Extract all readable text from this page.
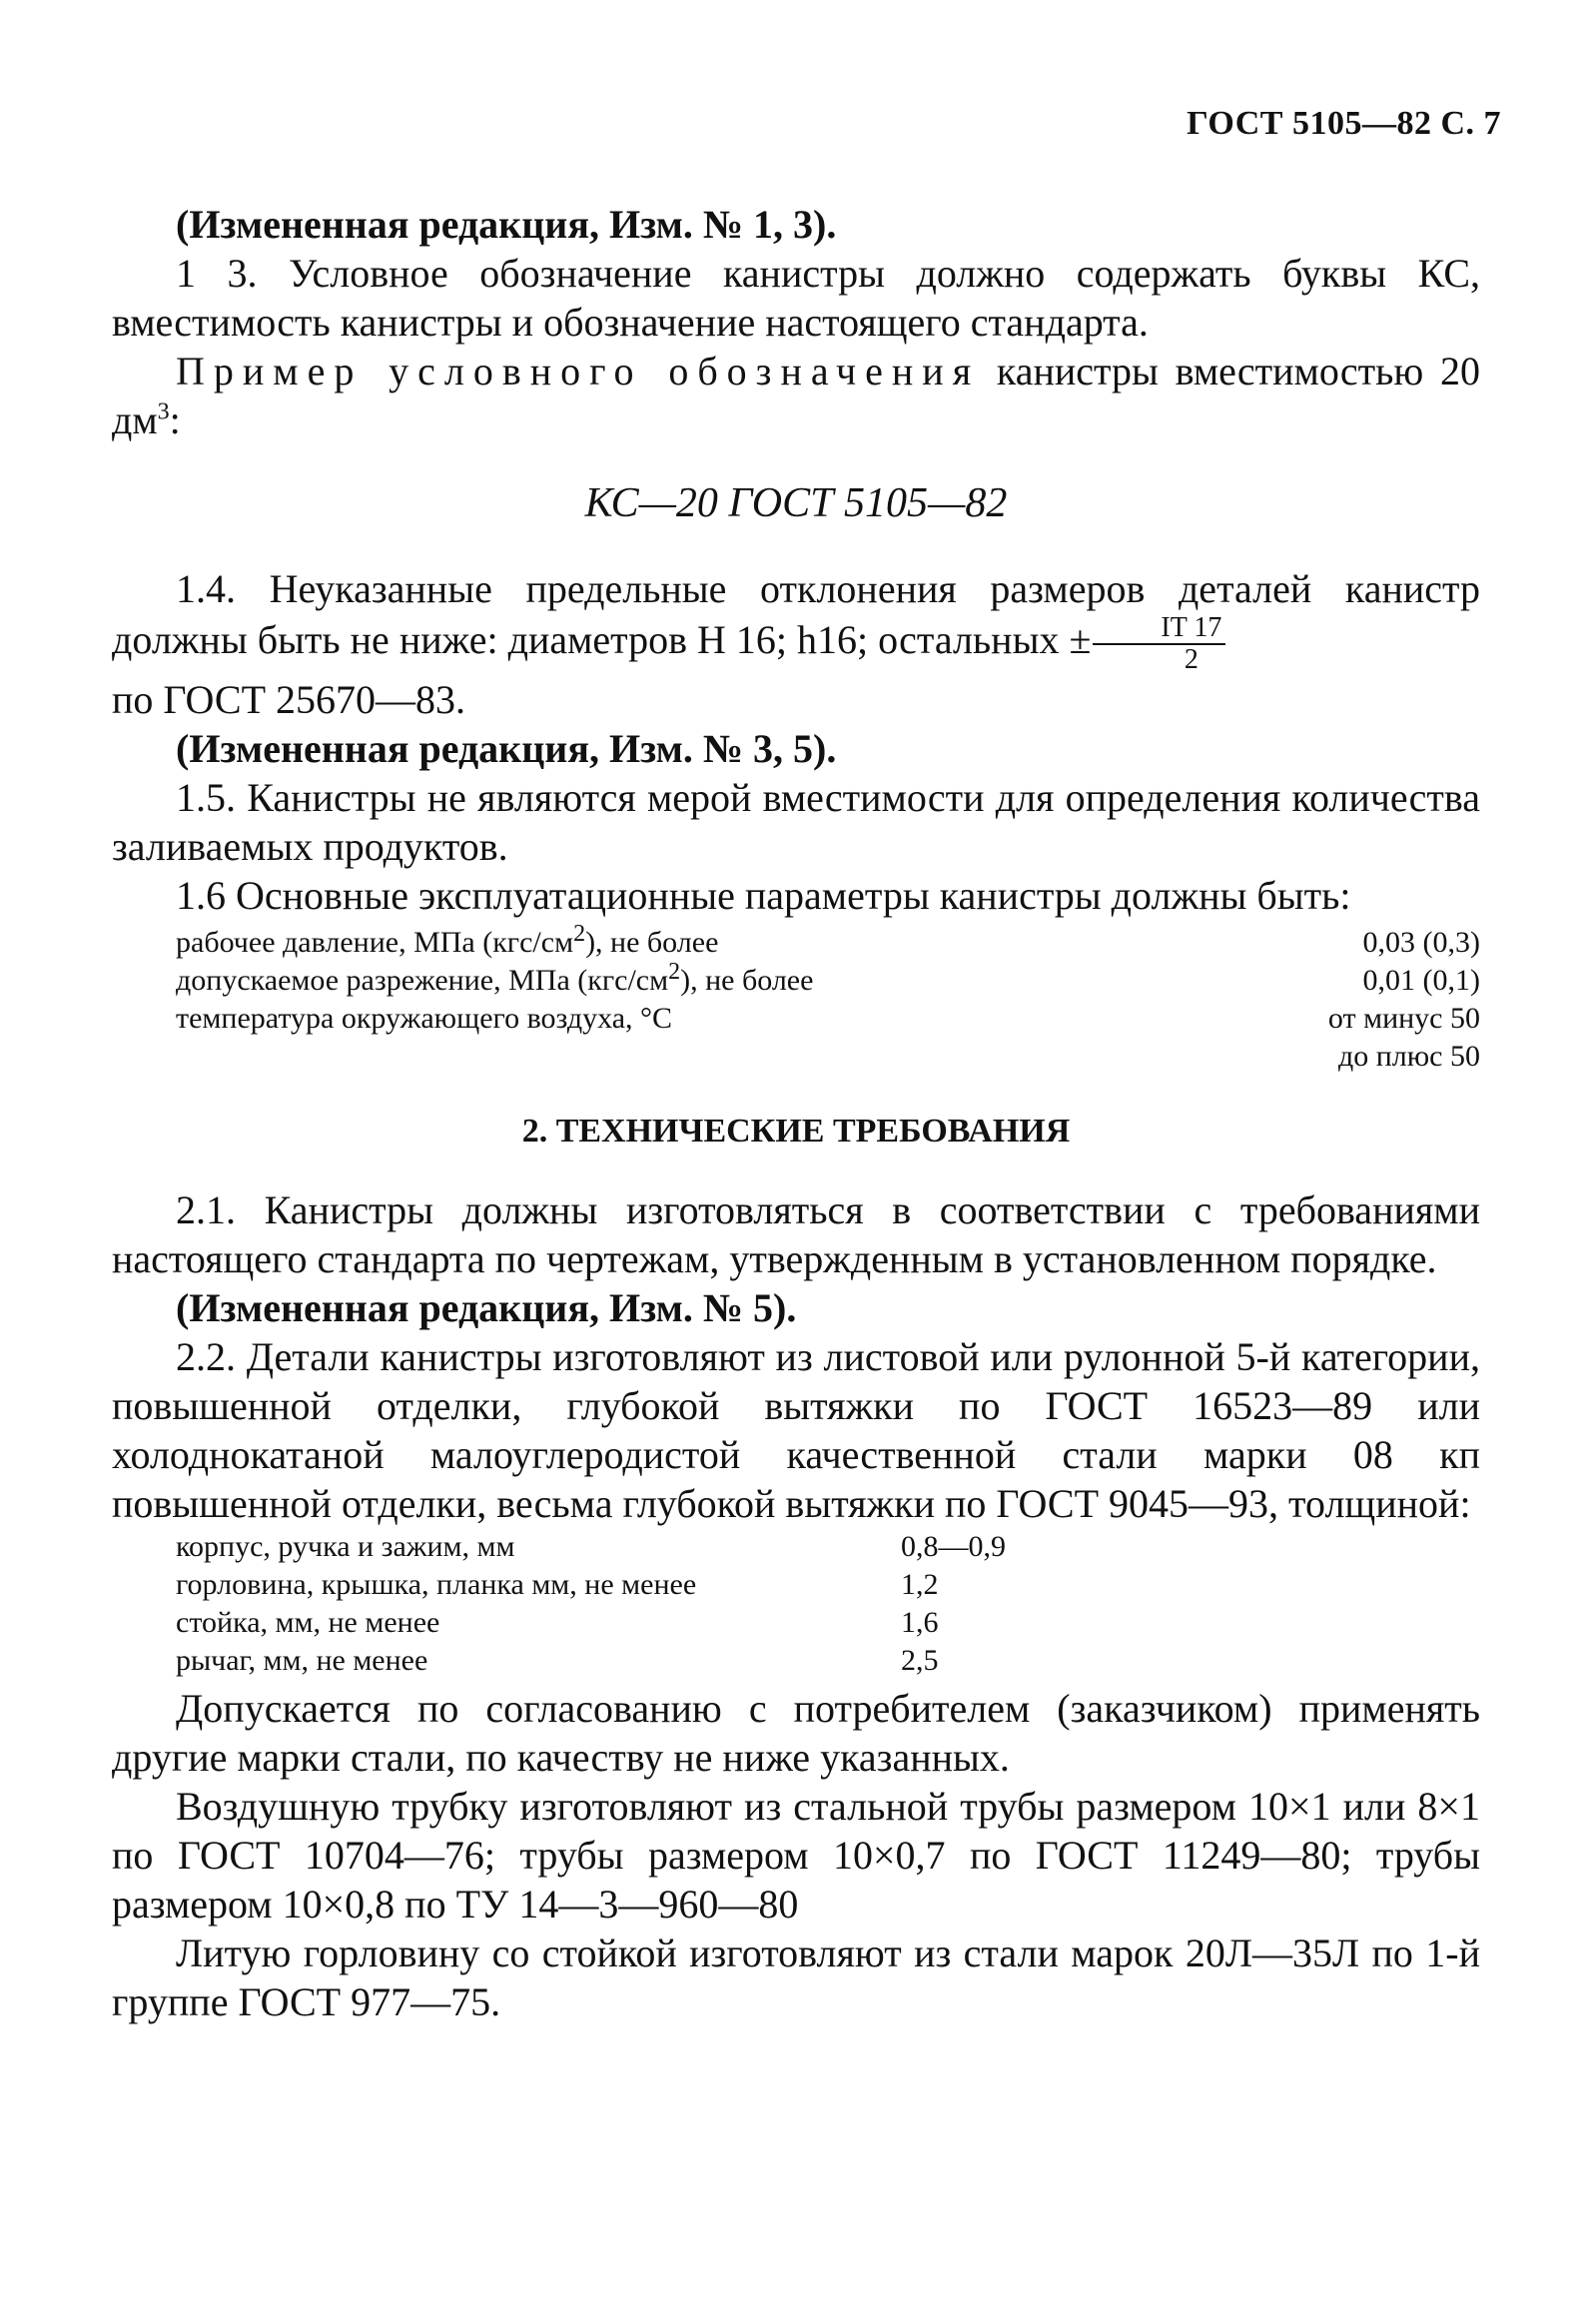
ГОСТ 5105—82 С. 7

(Измененная редакция, Изм. № 1, 3).

1 3. Условное обозначение канистры должно содержать буквы КС, вместимость канистры и обозначение настоящего стандарта.

Пример условного обозначения канистры вместимостью 20 $дм^3$:

КС—20 ГОСТ 5105—82

1.4. Неуказанные предельные отклонения размеров деталей канистр должны быть не ниже: диаметров Н 16; h16; остальных ± $\frac{IT 17}{2}$

по ГОСТ 25670—83.

(Измененная редакция, Изм. № 3, 5).

1.5. Канистры не являются мерой вместимости для определения количества заливаемых продуктов.

1.6 Основные эксплуатационные параметры канистры должны быть:

рабочее давление, МПа $(кгс/см^2)$, не более	0,03 (0,3)
допускаемое разрежение, МПа $(кгс/см^2)$, не более	0,01 (0,1)
температура окружающего воздуха, °С	от минус 50
до плюс 50
2. ТЕХНИЧЕСКИЕ ТРЕБОВАНИЯ

2.1. Канистры должны изготовляться в соответствии с требованиями настоящего стандарта по чертежам, утвержденным в установленном порядке.

(Измененная редакция, Изм. № 5).

2.2. Детали канистры изготовляют из листовой или рулонной 5-й категории, повышенной отделки, глубокой вытяжки по ГОСТ 16523—89 или холоднокатаной малоуглеродистой качественной стали марки 08 кп повышенной отделки, весьма глубокой вытяжки по ГОСТ 9045—93, толщиной:

корпус, ручка и зажим, мм	0,8—0,9
горловина, крышка, планка мм, не менее	1,2
стойка, мм, не менее	1,6
рычаг, мм, не менее	2,5

Допускается по согласованию с потребителем (заказчиком) применять другие марки стали, по качеству не ниже указанных.

Воздушную трубку изготовляют из стальной трубы размером 10×1 или 8×1 по ГОСТ 10704—76; трубы размером 10×0,7 по ГОСТ 11249—80; трубы размером 10×0,8 по ТУ 14—3—960—80

Литую горловину со стойкой изготовляют из стали марок 20Л—35Л по 1-й группе ГОСТ 977—75.
